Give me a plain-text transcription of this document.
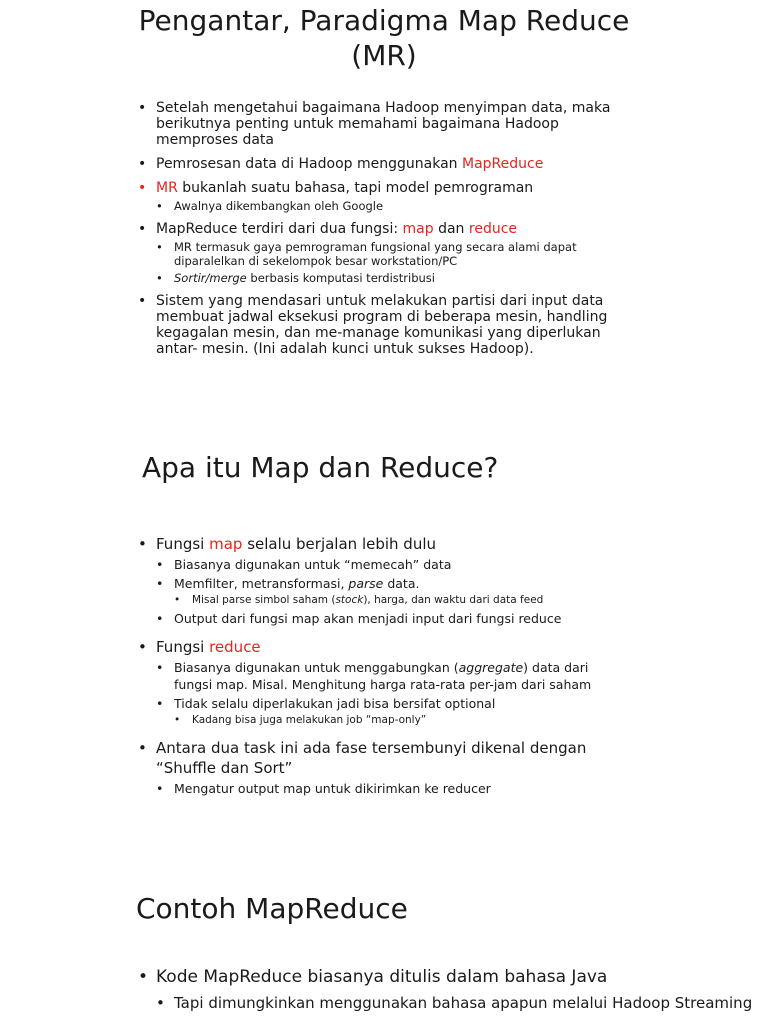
Pengantar, Paradigma Map Reduce
(MR)
• Setelah mengetahui bagaimana Hadoop menyimpan data, maka berikutnya penting untuk memahami bagaimana Hadoop memproses data
• Pemrosesan data di Hadoop menggunakan MapReduce
• MR bukanlah suatu bahasa, tapi model pemrograman
• Awalnya dikembangkan oleh Google
• MapReduce terdiri dari dua fungsi: map dan reduce
• MR termasuk gaya pemrograman fungsional yang secara alami dapat diparalelkan di sekelompok besar workstation/PC
• Sortir/merge berbasis komputasi terdistribusi
• Sistem yang mendasari untuk melakukan partisi dari input data membuat jadwal eksekusi program di beberapa mesin, handling kegagalan mesin, dan me-manage komunikasi yang diperlukan antar- mesin. (Ini adalah kunci untuk sukses Hadoop).
Apa itu Map dan Reduce?
• Fungsi map selalu berjalan lebih dulu
• Biasanya digunakan untuk “memecah” data
• Memfilter, metransformasi, parse data.
• Misal parse simbol saham (stock), harga, dan waktu dari data feed
• Output dari fungsi map akan menjadi input dari fungsi reduce
• Fungsi reduce
• Biasanya digunakan untuk menggabungkan (aggregate) data dari fungsi map. Misal. Menghitung harga rata-rata per-jam dari saham
• Tidak selalu diperlakukan jadi bisa bersifat optional
• Kadang bisa juga melakukan job “map-only”
• Antara dua task ini ada fase tersembunyi dikenal dengan “Shuffle dan Sort”
• Mengatur output map untuk dikirimkan ke reducer
Contoh MapReduce
• Kode MapReduce biasanya ditulis dalam bahasa Java
• Tapi dimungkinkan menggunakan bahasa apapun melalui Hadoop Streaming
